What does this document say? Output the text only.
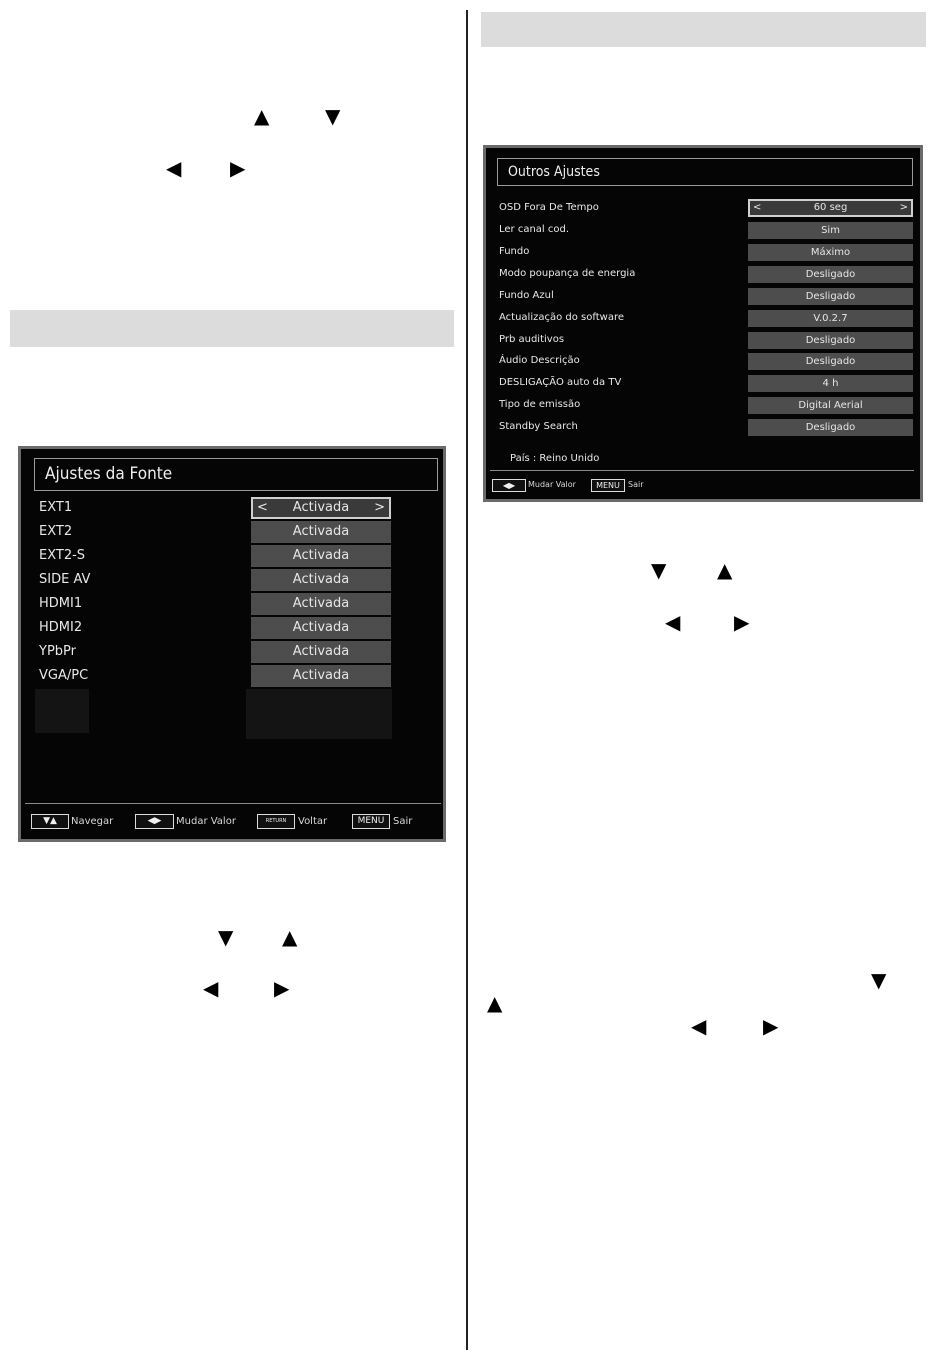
▲	▼
◀ ▶
▼ ▲
◀	▶
▼	▲
◀	▶
▼
▲
◀	▶
Ajustes da Fonte
EXT1	< Activada >
EXT2	Activada
EXT2-S	Activada
SIDE AV	Activada
HDMI1	Activada
HDMI2	Activada
YPbPr	Activada
VGA/PC	Activada
▼▲	Navegar	◀▶	Mudar Valor	RETURN	Voltar	MENU Sair
Outros Ajustes
OSD Fora De Tempo	<	60 seg	>
Ler canal cod.	Sim
Fundo	Máximo
Modo poupança de energia	Desligado
Fundo Azul	Desligado
Actualização do software	V.0.2.7
Prb auditivos	Desligado
Áudio Descrição	Desligado
DESLIGAÇÃO auto da TV	4 h
Tipo de emissão	Digital Aerial
Standby Search	Desligado
País : Reino Unido
◀▶	Mudar Valor	MENU	Sair
